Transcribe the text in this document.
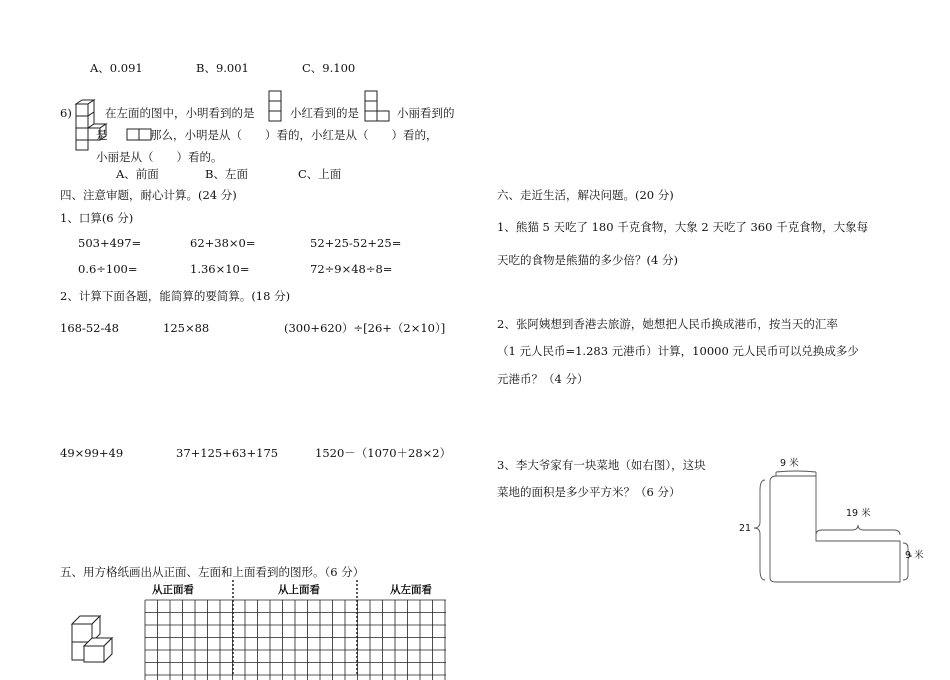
A、0.091	B、9.001	C、9.100
6)	在左面的图中，小明看到的是	小红看到的是	小丽看到的
是	那么，小明是从（　　）看的，小红是从（　　）看的，
小丽是从（　　）看的。
A、前面	B、左面	C、上面
四、注意审题，耐心计算。(24 分)
1、口算(6 分)
503+497=	62+38×0=	52+25-52+25=
0.6÷100=	1.36×10=	72÷9×48÷8=
2、计算下面各题，能简算的要简算。(18 分)
168-52-48	125×88	(300+620）÷[26+（2×10）]
49×99+49	37+125+63+175	1520－（1070＋28×2）
五、用方格纸画出从正面、左面和上面看到的图形。（6 分）
从正面看	从上面看	从左面看
六、走近生活，解决问题。(20 分)
1、熊猫 5 天吃了 180 千克食物，大象 2 天吃了 360 千克食物，大象每
天吃的食物是熊猫的多少倍？(4 分)
2、张阿姨想到香港去旅游，她想把人民币换成港币，按当天的汇率
（1 元人民币=1.283 元港币）计算，10000 元人民币可以兑换成多少
元港币？（4 分）
3、李大爷家有一块菜地（如右图），这块
菜地的面积是多少平方米？（6 分）
9 米
21
19 米
9 米
